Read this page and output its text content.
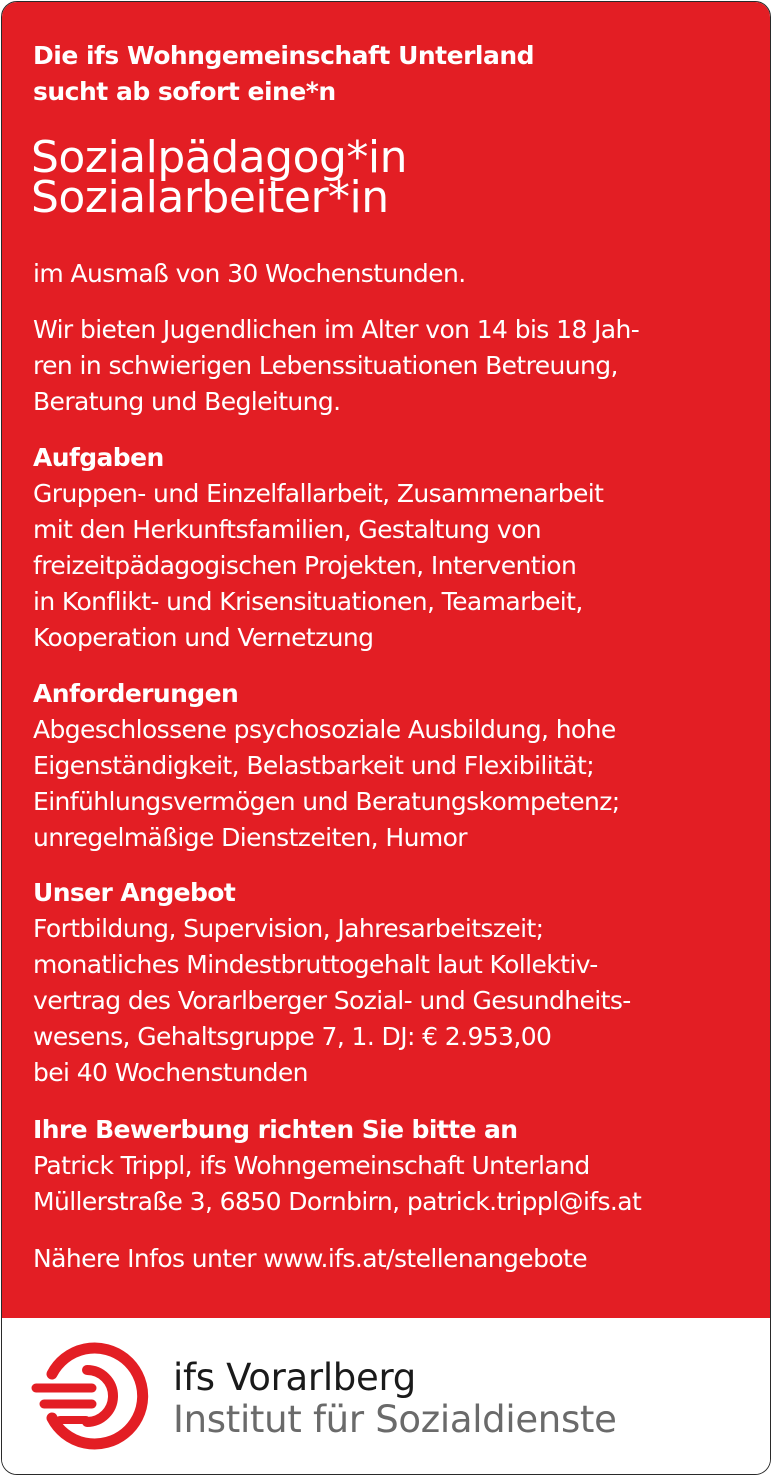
Die ifs Wohngemeinschaft Unterland
sucht ab sofort eine*n
Sozialpädagog*in
Sozialarbeiter*in
im Ausmaß von 30 Wochenstunden.
Wir bieten Jugendlichen im Alter von 14 bis 18 Jah-
ren in schwierigen Lebenssituationen Betreuung,
Beratung und Begleitung.
Aufgaben
Gruppen- und Einzelfallarbeit, Zusammenarbeit
mit den Herkunftsfamilien, Gestaltung von
freizeitpädagogischen Projekten, Intervention
in Konflikt- und Krisensituationen, Teamarbeit,
Kooperation und Vernetzung
Anforderungen
Abgeschlossene psychosoziale Ausbildung, hohe
Eigenständigkeit, Belastbarkeit und Flexibilität;
Einfühlungsvermögen und Beratungskompetenz;
unregelmäßige Dienstzeiten, Humor
Unser Angebot
Fortbildung, Supervision, Jahresarbeitszeit;
monatliches Mindestbruttogehalt laut Kollektiv-
vertrag des Vorarlberger Sozial- und Gesundheits-
wesens, Gehaltsgruppe 7, 1. DJ: € 2.953,00
bei 40 Wochenstunden
Ihre Bewerbung richten Sie bitte an
Patrick Trippl, ifs Wohngemeinschaft Unterland
Müllerstraße 3, 6850 Dornbirn, patrick.trippl@ifs.at
Nähere Infos unter www.ifs.at/stellenangebote
ifs Vorarlberg
Institut für Sozialdienste
